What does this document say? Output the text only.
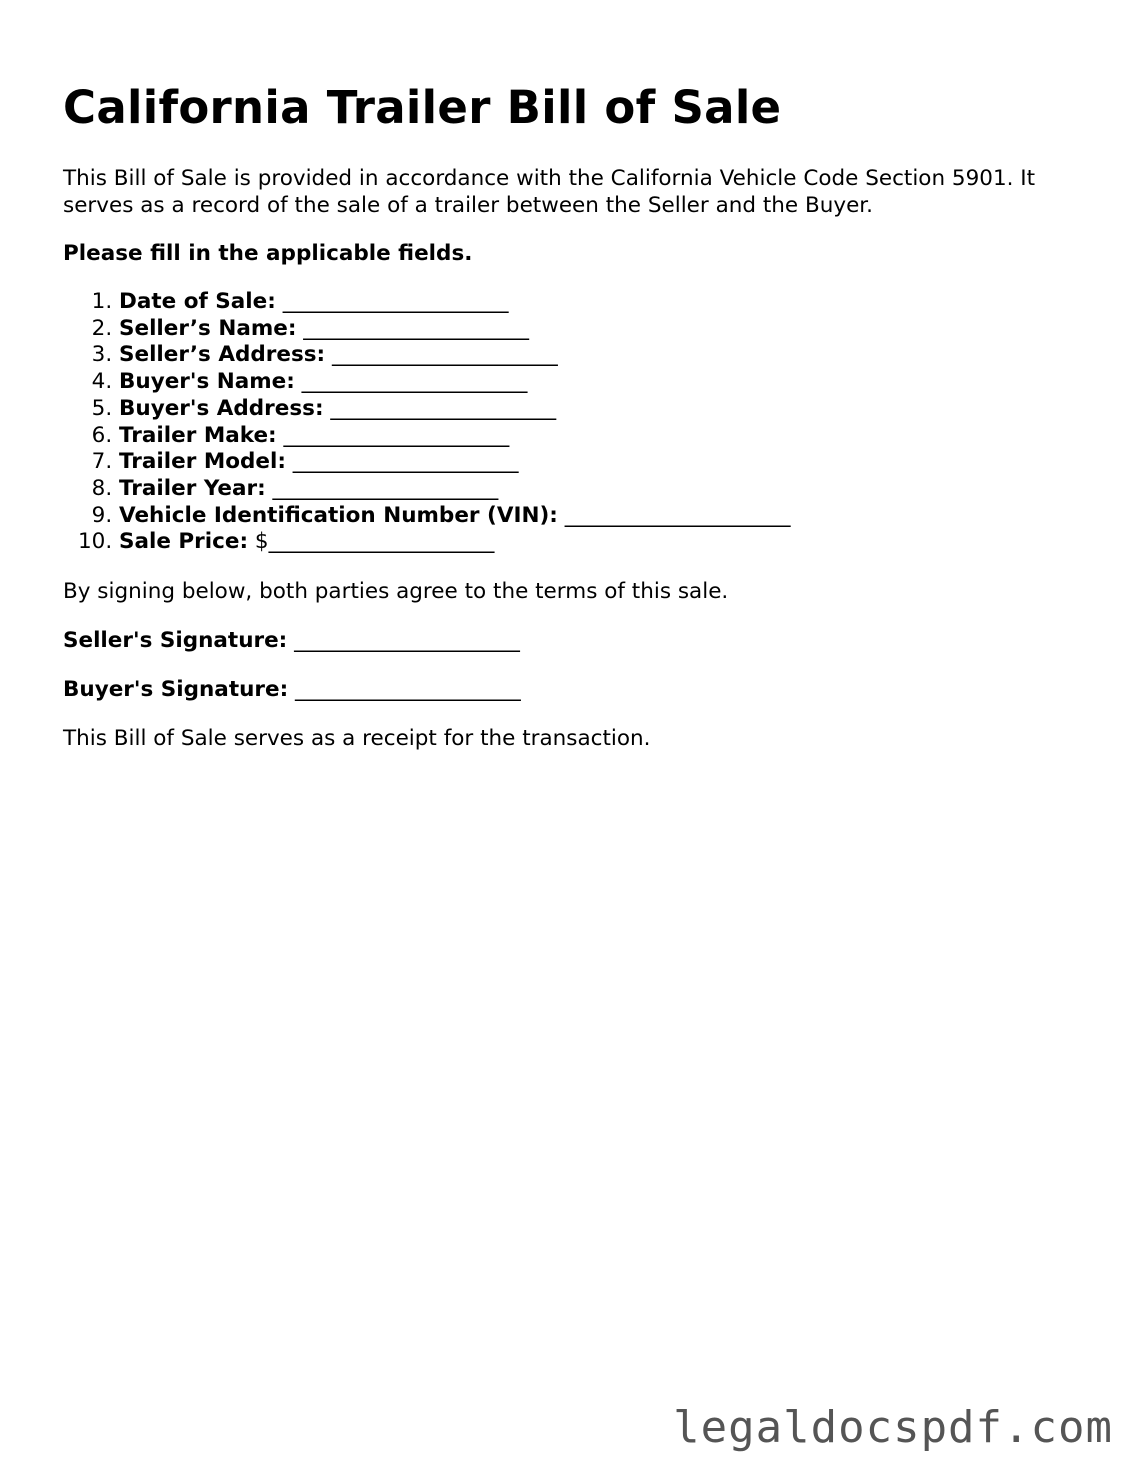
California Trailer Bill of Sale

This Bill of Sale is provided in accordance with the California Vehicle Code Section 5901. It serves as a record of the sale of a trailer between the Seller and the Buyer.

Please fill in the applicable fields.

1. Date of Sale: _____________________
2. Seller’s Name: _____________________
3. Seller’s Address: _____________________
4. Buyer's Name: _____________________
5. Buyer's Address: _____________________
6. Trailer Make: _____________________
7. Trailer Model: _____________________
8. Trailer Year: _____________________
9. Vehicle Identification Number (VIN): _____________________
10. Sale Price: $_____________________

By signing below, both parties agree to the terms of this sale.

Seller's Signature: _____________________

Buyer's Signature: _____________________

This Bill of Sale serves as a receipt for the transaction.

legaldocspdf.com
